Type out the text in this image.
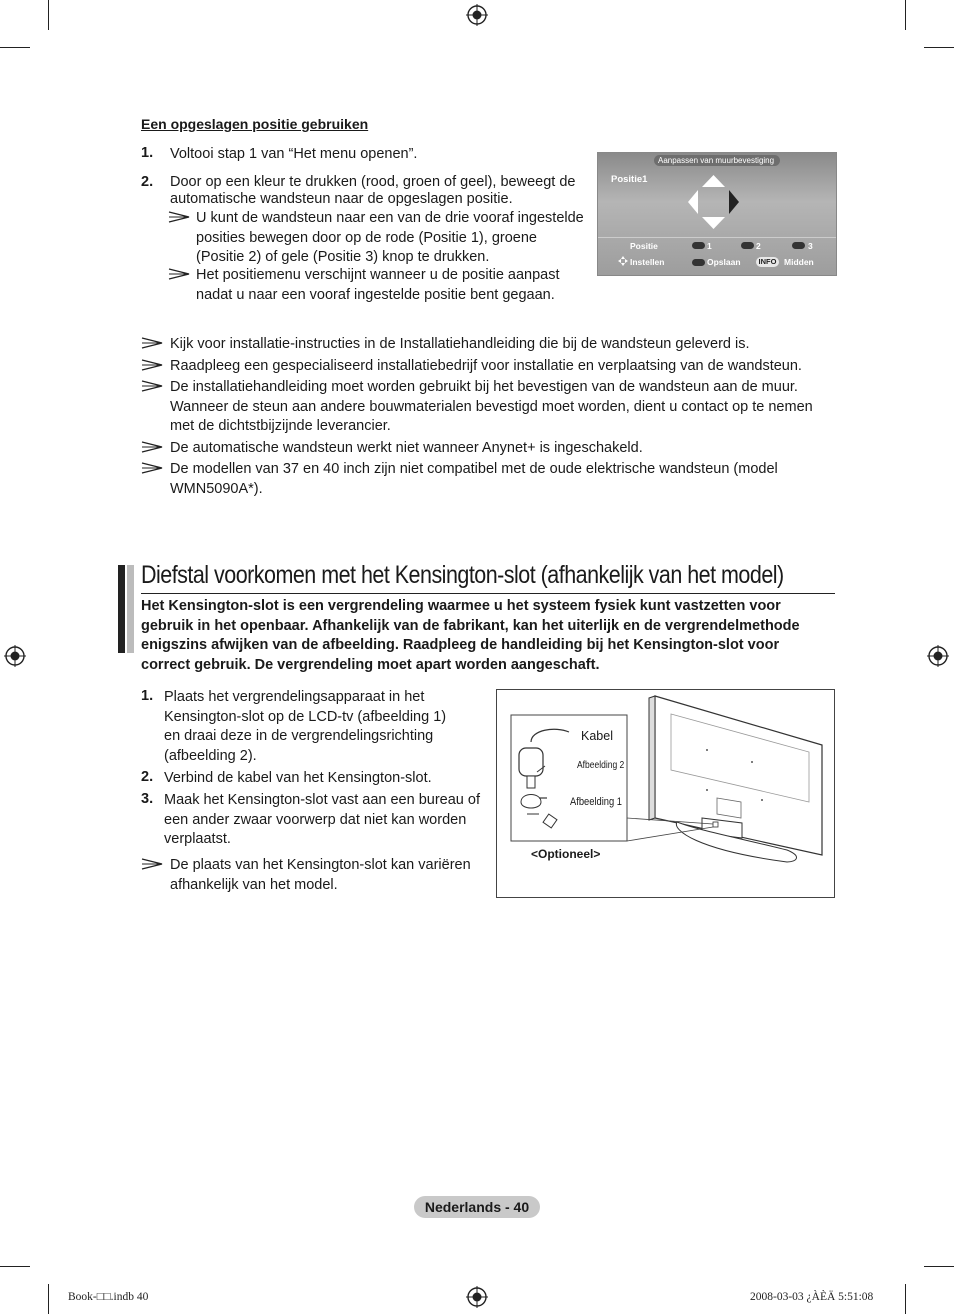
Een opgeslagen positie gebruiken
1. Voltooi stap 1 van “Het menu openen”.
2. Door op een kleur te drukken (rood, groen of geel), beweegt de automatische wandsteun naar de opgeslagen positie.
U kunt de wandsteun naar een van de drie vooraf ingestelde posities bewegen door op de rode (Positie 1), groene (Positie 2) of gele (Positie 3) knop te drukken.
Het positiemenu verschijnt wanneer u de positie aanpast nadat u naar een vooraf ingestelde positie bent gegaan.
Aanpassen van muurbevestiging
Positie1
Positie	1	2	3
Instellen	Opslaan	INFO Midden
Kijk voor installatie-instructies in de Installatiehandleiding die bij de wandsteun geleverd is.
Raadpleeg een gespecialiseerd installatiebedrijf voor installatie en verplaatsing van de wandsteun.
De installatiehandleiding moet worden gebruikt bij het bevestigen van de wandsteun aan de muur. Wanneer de steun aan andere bouwmaterialen bevestigd moet worden, dient u contact op te nemen met de dichtstbijzijnde leverancier.
De automatische wandsteun werkt niet wanneer Anynet+ is ingeschakeld.
De modellen van 37 en 40 inch zijn niet compatibel met de oude elektrische wandsteun (model WMN5090A*).
Diefstal voorkomen met het Kensington-slot (afhankelijk van het model)
Het Kensington-slot is een vergrendeling waarmee u het systeem fysiek kunt vastzetten voor gebruik in het openbaar. Afhankelijk van de fabrikant, kan het uiterlijk en de vergrendelmethode enigszins afwijken van de afbeelding. Raadpleeg de handleiding bij het Kensington-slot voor correct gebruik. De vergrendeling moet apart worden aangeschaft.
1. Plaats het vergrendelingsapparaat in het Kensington-slot op de LCD-tv (afbeelding 1) en draai deze in de vergrendelingsrichting (afbeelding 2).
2. Verbind de kabel van het Kensington-slot.
3. Maak het Kensington-slot vast aan een bureau of een ander zwaar voorwerp dat niet kan worden verplaatst.
De plaats van het Kensington-slot kan variëren afhankelijk van het model.
Kabel
Afbeelding 2
Afbeelding 1
<Optioneel>
Nederlands - 40
Book-□□.indb 40	2008-03-03 ¿ÀÈÄ 5:51:08
